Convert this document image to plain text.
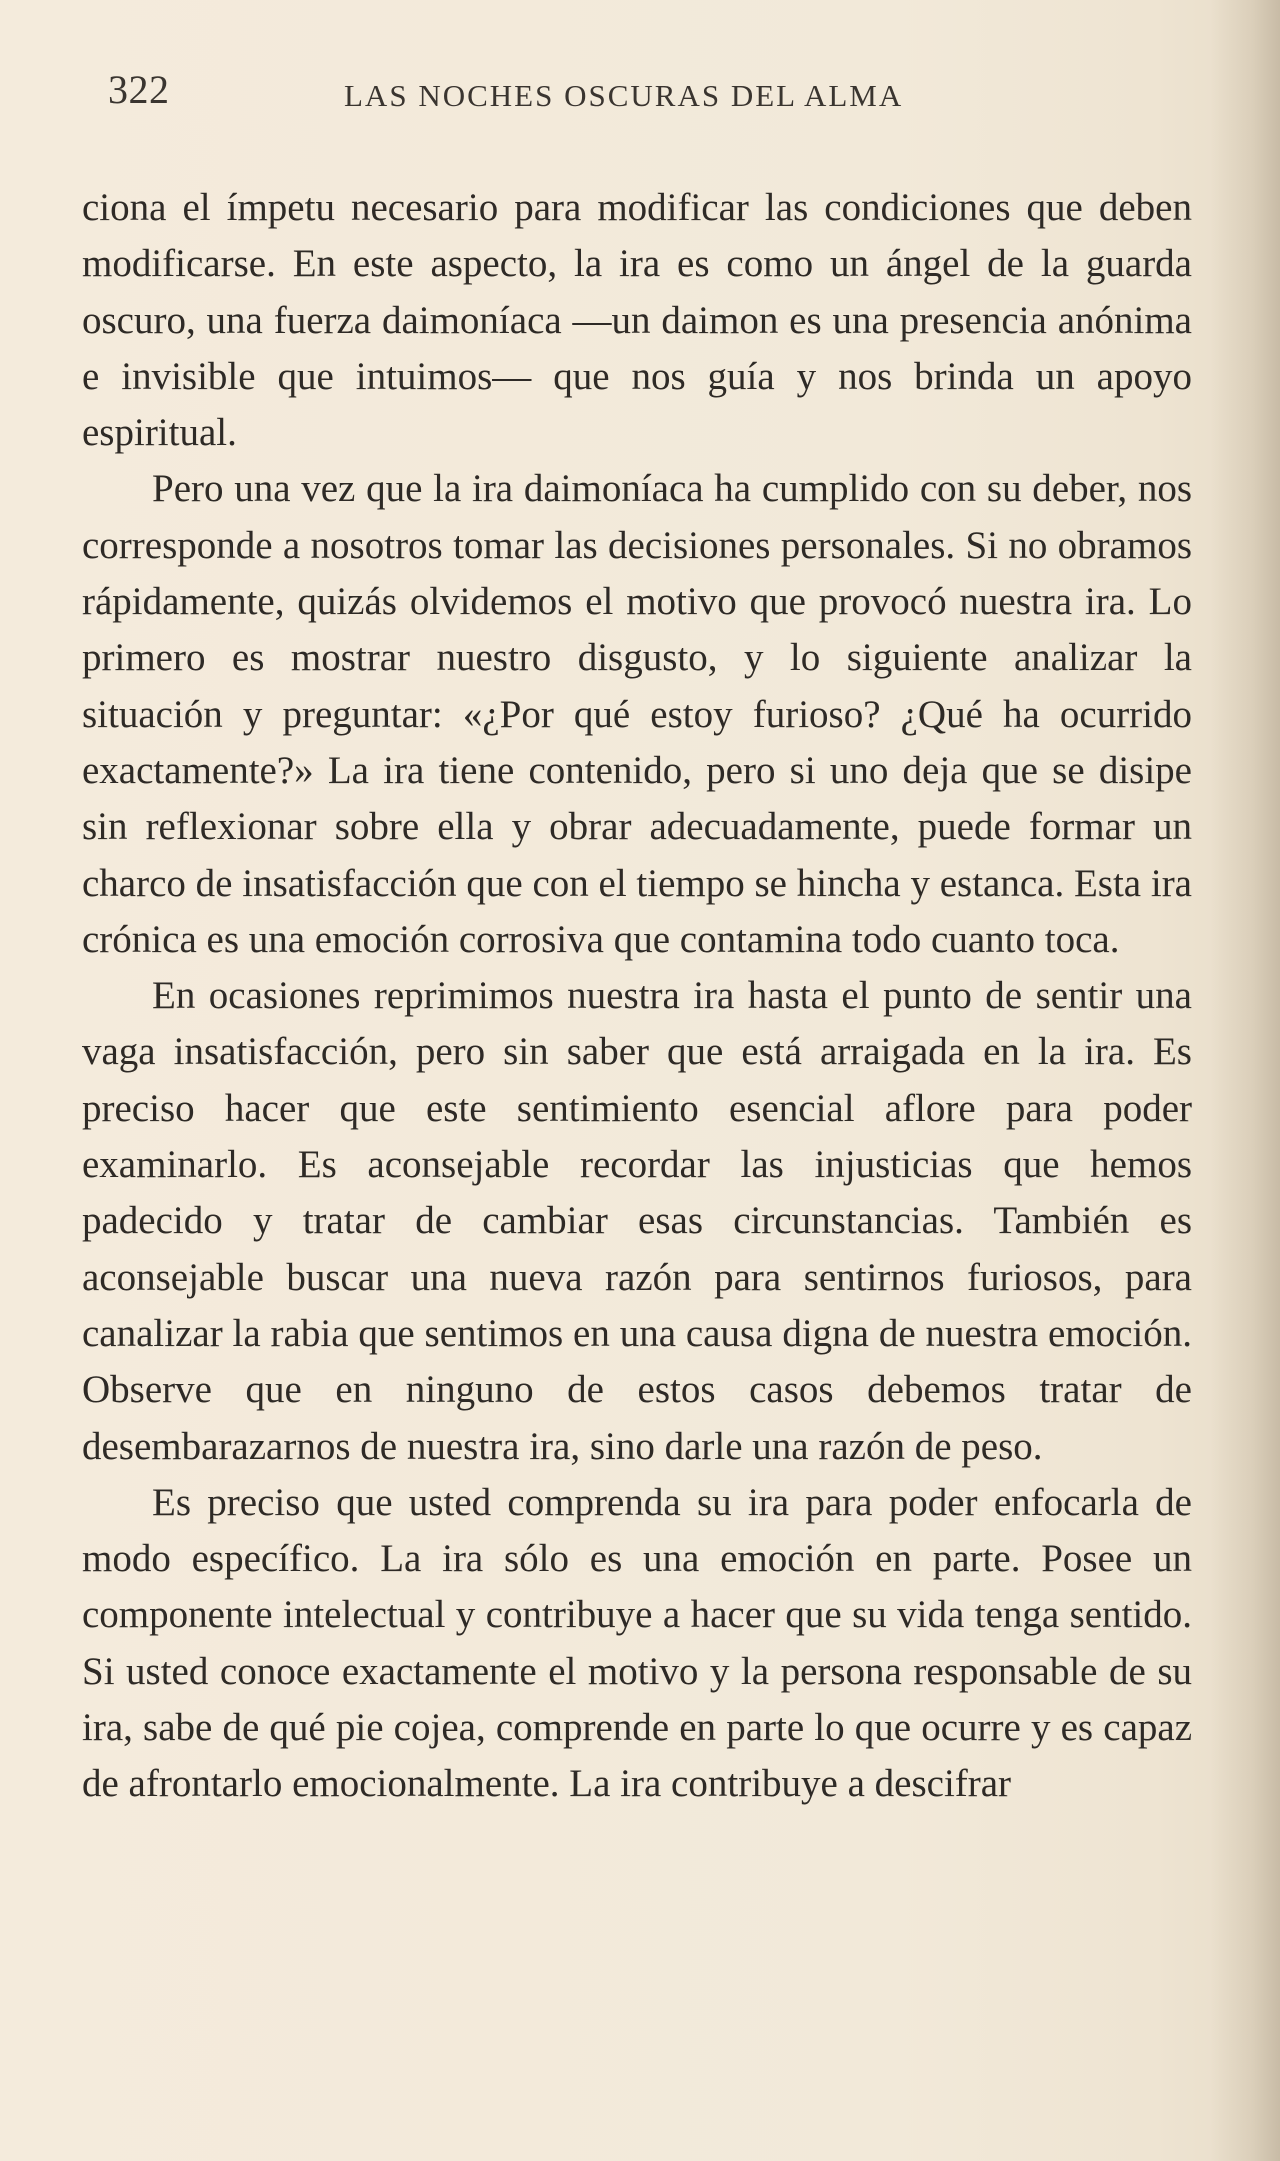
322	LAS NOCHES OSCURAS DEL ALMA

ciona el ímpetu necesario para modificar las condiciones que deben modificarse. En este aspecto, la ira es como un ángel de la guarda oscuro, una fuerza daimoníaca —un daimon es una presencia anónima e invisible que intuimos— que nos guía y nos brinda un apoyo espiritual.

Pero una vez que la ira daimoníaca ha cumplido con su deber, nos corresponde a nosotros tomar las decisiones personales. Si no obramos rápidamente, quizás olvidemos el motivo que provocó nuestra ira. Lo primero es mostrar nuestro disgusto, y lo siguiente analizar la situación y preguntar: «¿Por qué estoy furioso? ¿Qué ha ocurrido exactamente?» La ira tiene contenido, pero si uno deja que se disipe sin reflexionar sobre ella y obrar adecuadamente, puede formar un charco de insatisfacción que con el tiempo se hincha y estanca. Esta ira crónica es una emoción corrosiva que contamina todo cuanto toca.

En ocasiones reprimimos nuestra ira hasta el punto de sentir una vaga insatisfacción, pero sin saber que está arraigada en la ira. Es preciso hacer que este sentimiento esencial aflore para poder examinarlo. Es aconsejable recordar las injusticias que hemos padecido y tratar de cambiar esas circunstancias. También es aconsejable buscar una nueva razón para sentirnos furiosos, para canalizar la rabia que sentimos en una causa digna de nuestra emoción. Observe que en ninguno de estos casos debemos tratar de desembarazarnos de nuestra ira, sino darle una razón de peso.

Es preciso que usted comprenda su ira para poder enfocarla de modo específico. La ira sólo es una emoción en parte. Posee un componente intelectual y contribuye a hacer que su vida tenga sentido. Si usted conoce exactamente el motivo y la persona responsable de su ira, sabe de qué pie cojea, comprende en parte lo que ocurre y es capaz de afrontarlo emocionalmente. La ira contribuye a descifrar
